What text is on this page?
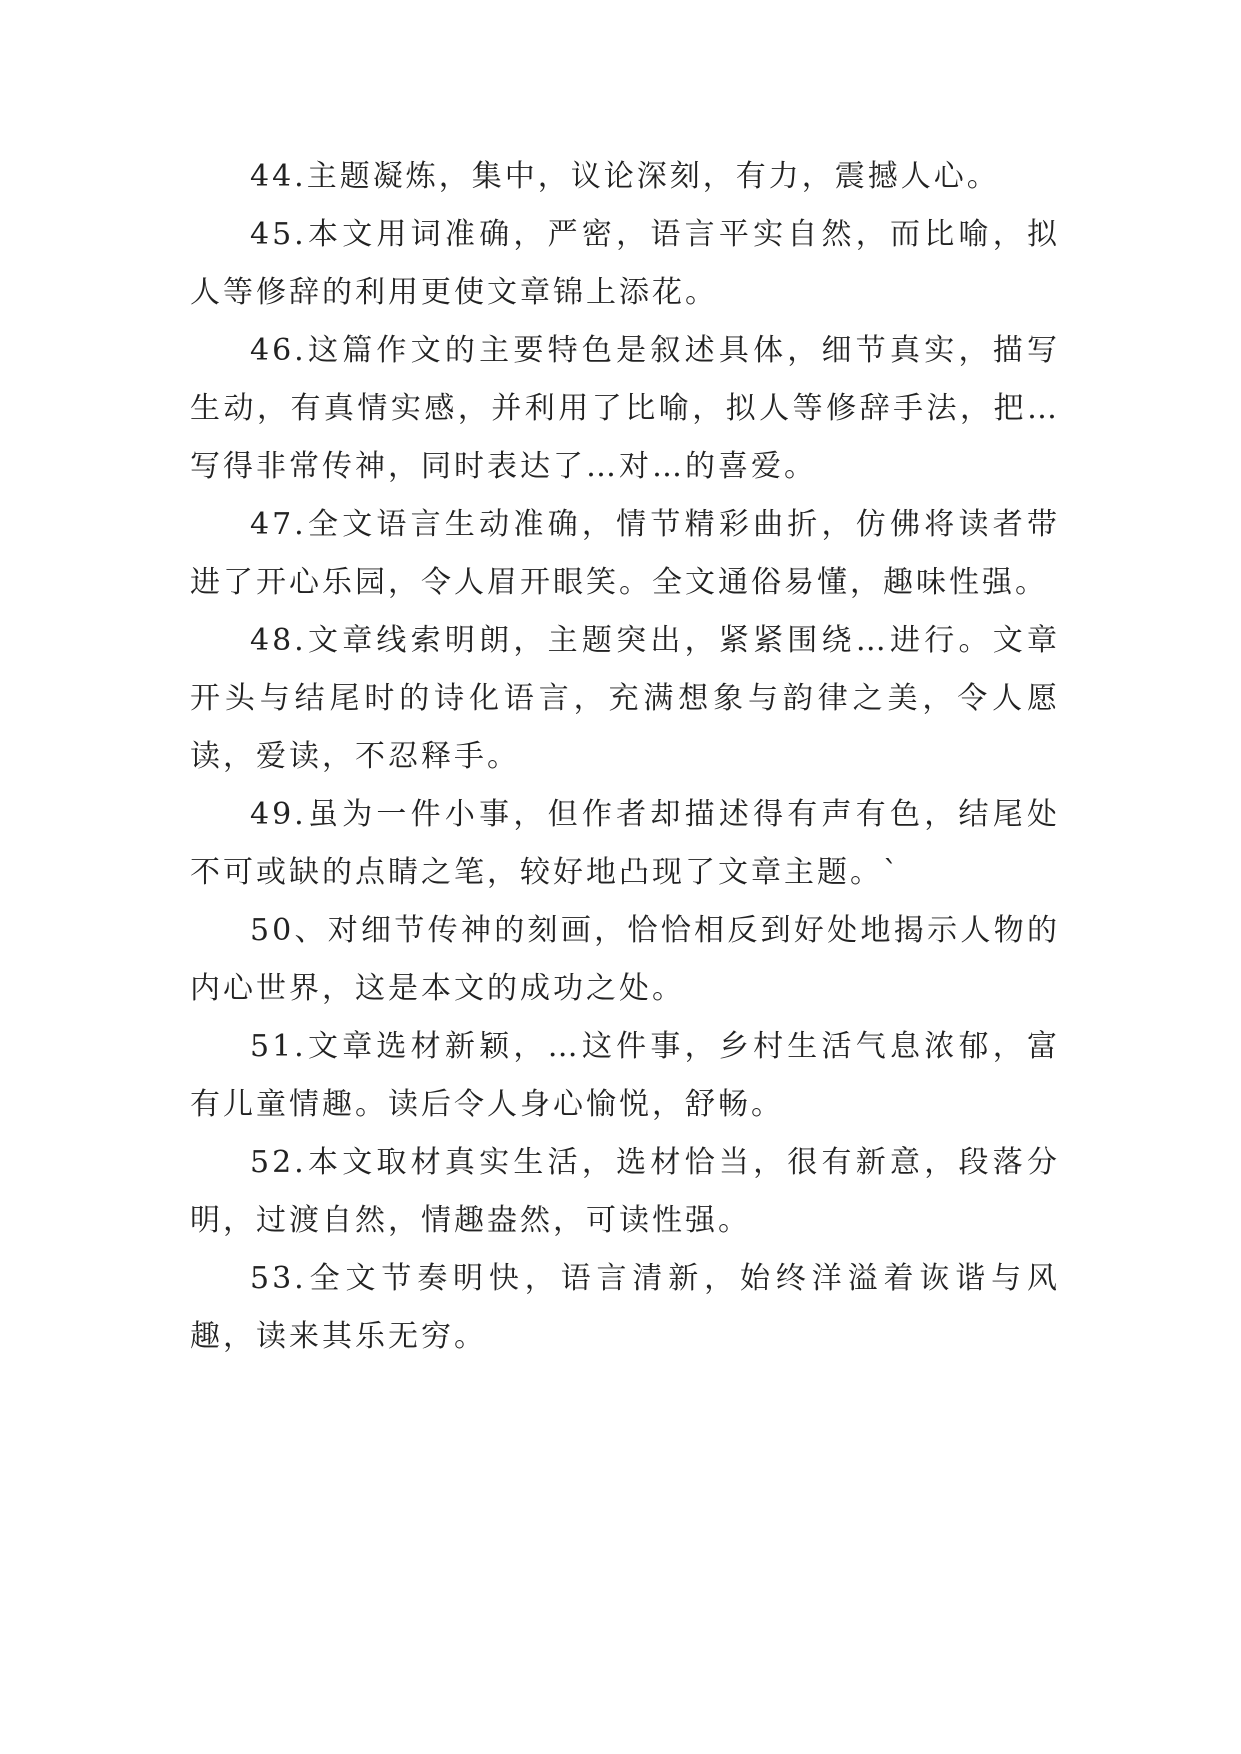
44.主题凝炼，集中，议论深刻，有力，震撼人心。

45.本文用词准确，严密，语言平实自然，而比喻，拟人等修辞的利用更使文章锦上添花。

46.这篇作文的主要特色是叙述具体，细节真实，描写生动，有真情实感，并利用了比喻，拟人等修辞手法，把…写得非常传神，同时表达了…对…的喜爱。

47.全文语言生动准确，情节精彩曲折，仿佛将读者带进了开心乐园，令人眉开眼笑。全文通俗易懂，趣味性强。

48.文章线索明朗，主题突出，紧紧围绕…进行。文章开头与结尾时的诗化语言，充满想象与韵律之美，令人愿读，爱读，不忍释手。

49.虽为一件小事，但作者却描述得有声有色，结尾处不可或缺的点睛之笔，较好地凸现了文章主题。`

50、对细节传神的刻画，恰恰相反到好处地揭示人物的内心世界，这是本文的成功之处。

51.文章选材新颖，…这件事，乡村生活气息浓郁，富有儿童情趣。读后令人身心愉悦，舒畅。

52.本文取材真实生活，选材恰当，很有新意，段落分明，过渡自然，情趣盎然，可读性强。

53.全文节奏明快，语言清新，始终洋溢着诙谐与风趣，读来其乐无穷。
